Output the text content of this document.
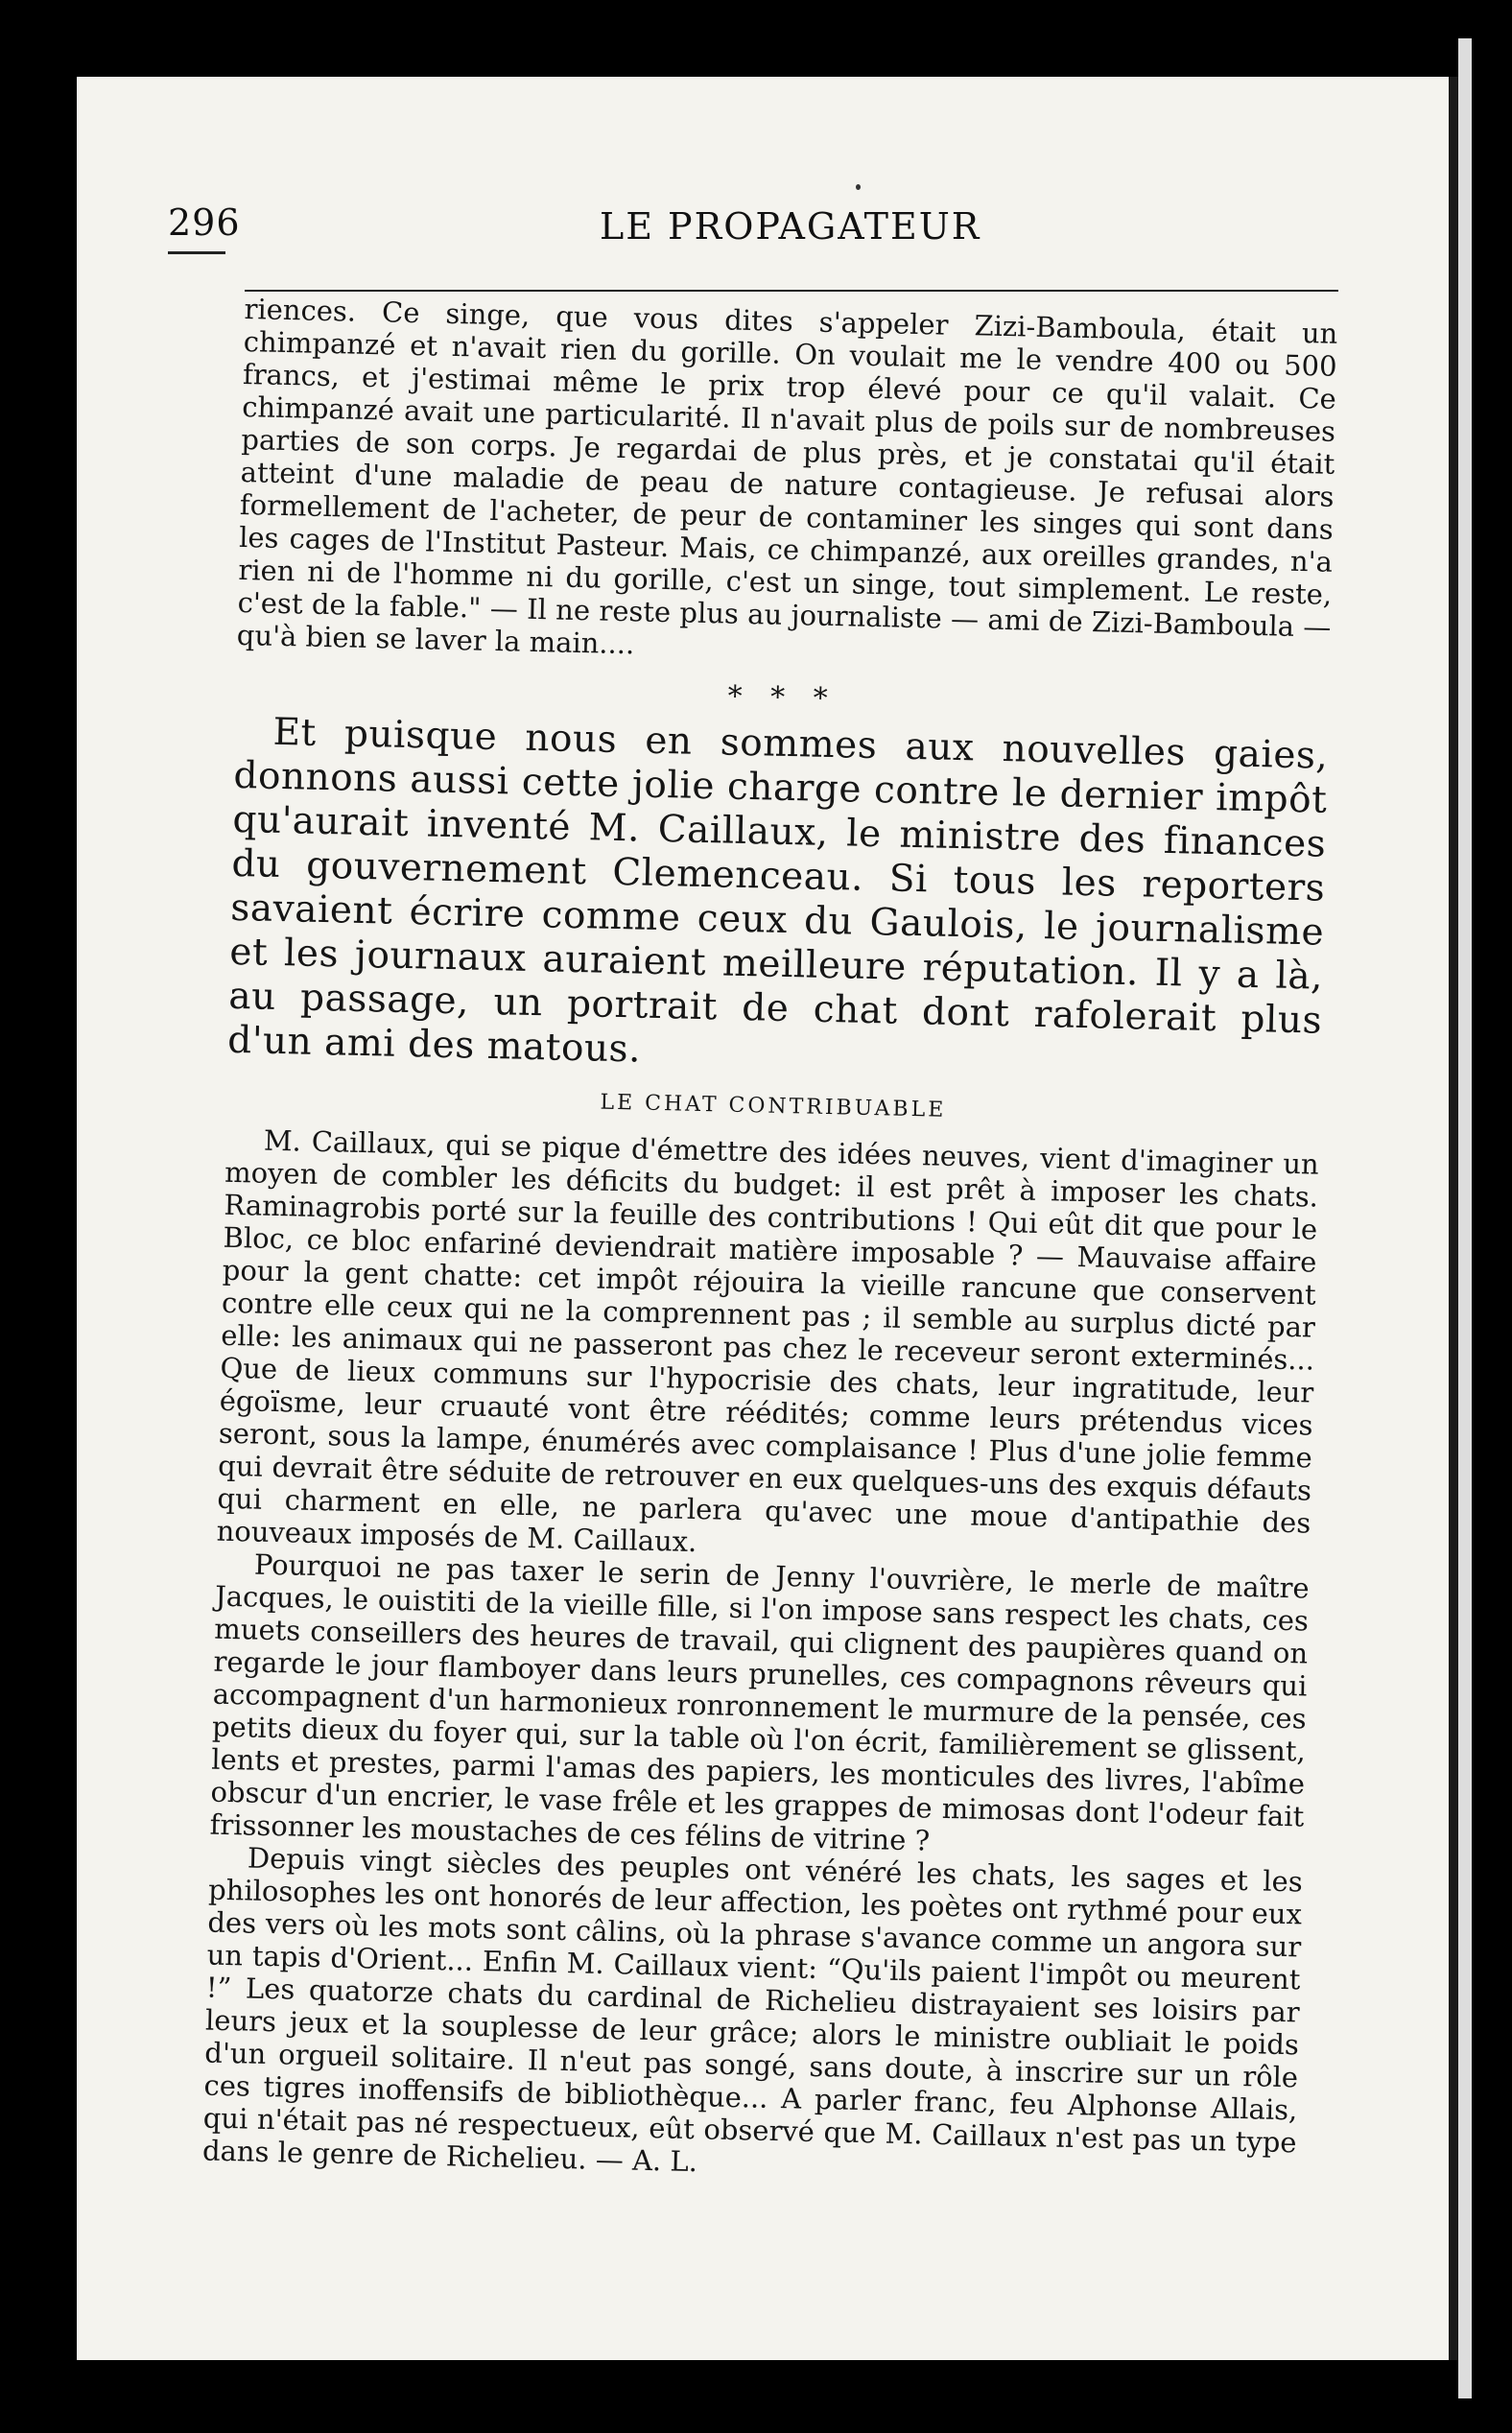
296	LE PROPAGATEUR

riences. Ce singe, que vous dites s'appeler Zizi-Bamboula, était un chimpanzé et n'avait rien du gorille. On voulait me le vendre 400 ou 500 francs, et j'estimai même le prix trop élevé pour ce qu'il valait. Ce chimpanzé avait une particularité. Il n'avait plus de poils sur de nombreuses parties de son corps. Je regardai de plus près, et je constatai qu'il était atteint d'une maladie de peau de nature contagieuse. Je refusai alors formellement de l'acheter, de peur de contaminer les singes qui sont dans les cages de l'Institut Pasteur. Mais, ce chimpanzé, aux oreilles grandes, n'a rien ni de l'homme ni du gorille, c'est un singe, tout simplement. Le reste, c'est de la fable." — Il ne reste plus au journaliste — ami de Zizi-Bamboula — qu'à bien se laver la main....

* * *

Et puisque nous en sommes aux nouvelles gaies, donnons aussi cette jolie charge contre le dernier impôt qu'aurait inventé M. Caillaux, le ministre des finances du gouvernement Clemenceau. Si tous les reporters savaient écrire comme ceux du Gaulois, le journalisme et les journaux auraient meilleure réputation. Il y a là, au passage, un portrait de chat dont rafolerait plus d'un ami des matous.

LE CHAT CONTRIBUABLE

M. Caillaux, qui se pique d'émettre des idées neuves, vient d'imaginer un moyen de combler les déficits du budget: il est prêt à imposer les chats. Raminagrobis porté sur la feuille des contributions ! Qui eût dit que pour le Bloc, ce bloc enfariné deviendrait matière imposable ? — Mauvaise affaire pour la gent chatte: cet impôt réjouira la vieille rancune que conservent contre elle ceux qui ne la comprennent pas ; il semble au surplus dicté par elle: les animaux qui ne passeront pas chez le receveur seront exterminés... Que de lieux communs sur l'hypocrisie des chats, leur ingratitude, leur égoïsme, leur cruauté vont être réédités; comme leurs prétendus vices seront, sous la lampe, énumérés avec complaisance ! Plus d'une jolie femme qui devrait être séduite de retrouver en eux quelques-uns des exquis défauts qui charment en elle, ne parlera qu'avec une moue d'antipathie des nouveaux imposés de M. Caillaux.

Pourquoi ne pas taxer le serin de Jenny l'ouvrière, le merle de maître Jacques, le ouistiti de la vieille fille, si l'on impose sans respect les chats, ces muets conseillers des heures de travail, qui clignent des paupières quand on regarde le jour flamboyer dans leurs prunelles, ces compagnons rêveurs qui accompagnent d'un harmonieux ronronnement le murmure de la pensée, ces petits dieux du foyer qui, sur la table où l'on écrit, familièrement se glissent, lents et prestes, parmi l'amas des papiers, les monticules des livres, l'abîme obscur d'un encrier, le vase frêle et les grappes de mimosas dont l'odeur fait frissonner les moustaches de ces félins de vitrine ?

Depuis vingt siècles des peuples ont vénéré les chats, les sages et les philosophes les ont honorés de leur affection, les poètes ont rythmé pour eux des vers où les mots sont câlins, où la phrase s'avance comme un angora sur un tapis d'Orient... Enfin M. Caillaux vient: “Qu'ils paient l'impôt ou meurent !” Les quatorze chats du cardinal de Richelieu distrayaient ses loisirs par leurs jeux et la souplesse de leur grâce; alors le ministre oubliait le poids d'un orgueil solitaire. Il n'eut pas songé, sans doute, à inscrire sur un rôle ces tigres inoffensifs de bibliothèque... A parler franc, feu Alphonse Allais, qui n'était pas né respectueux, eût observé que M. Caillaux n'est pas un type dans le genre de Richelieu. — A. L.
